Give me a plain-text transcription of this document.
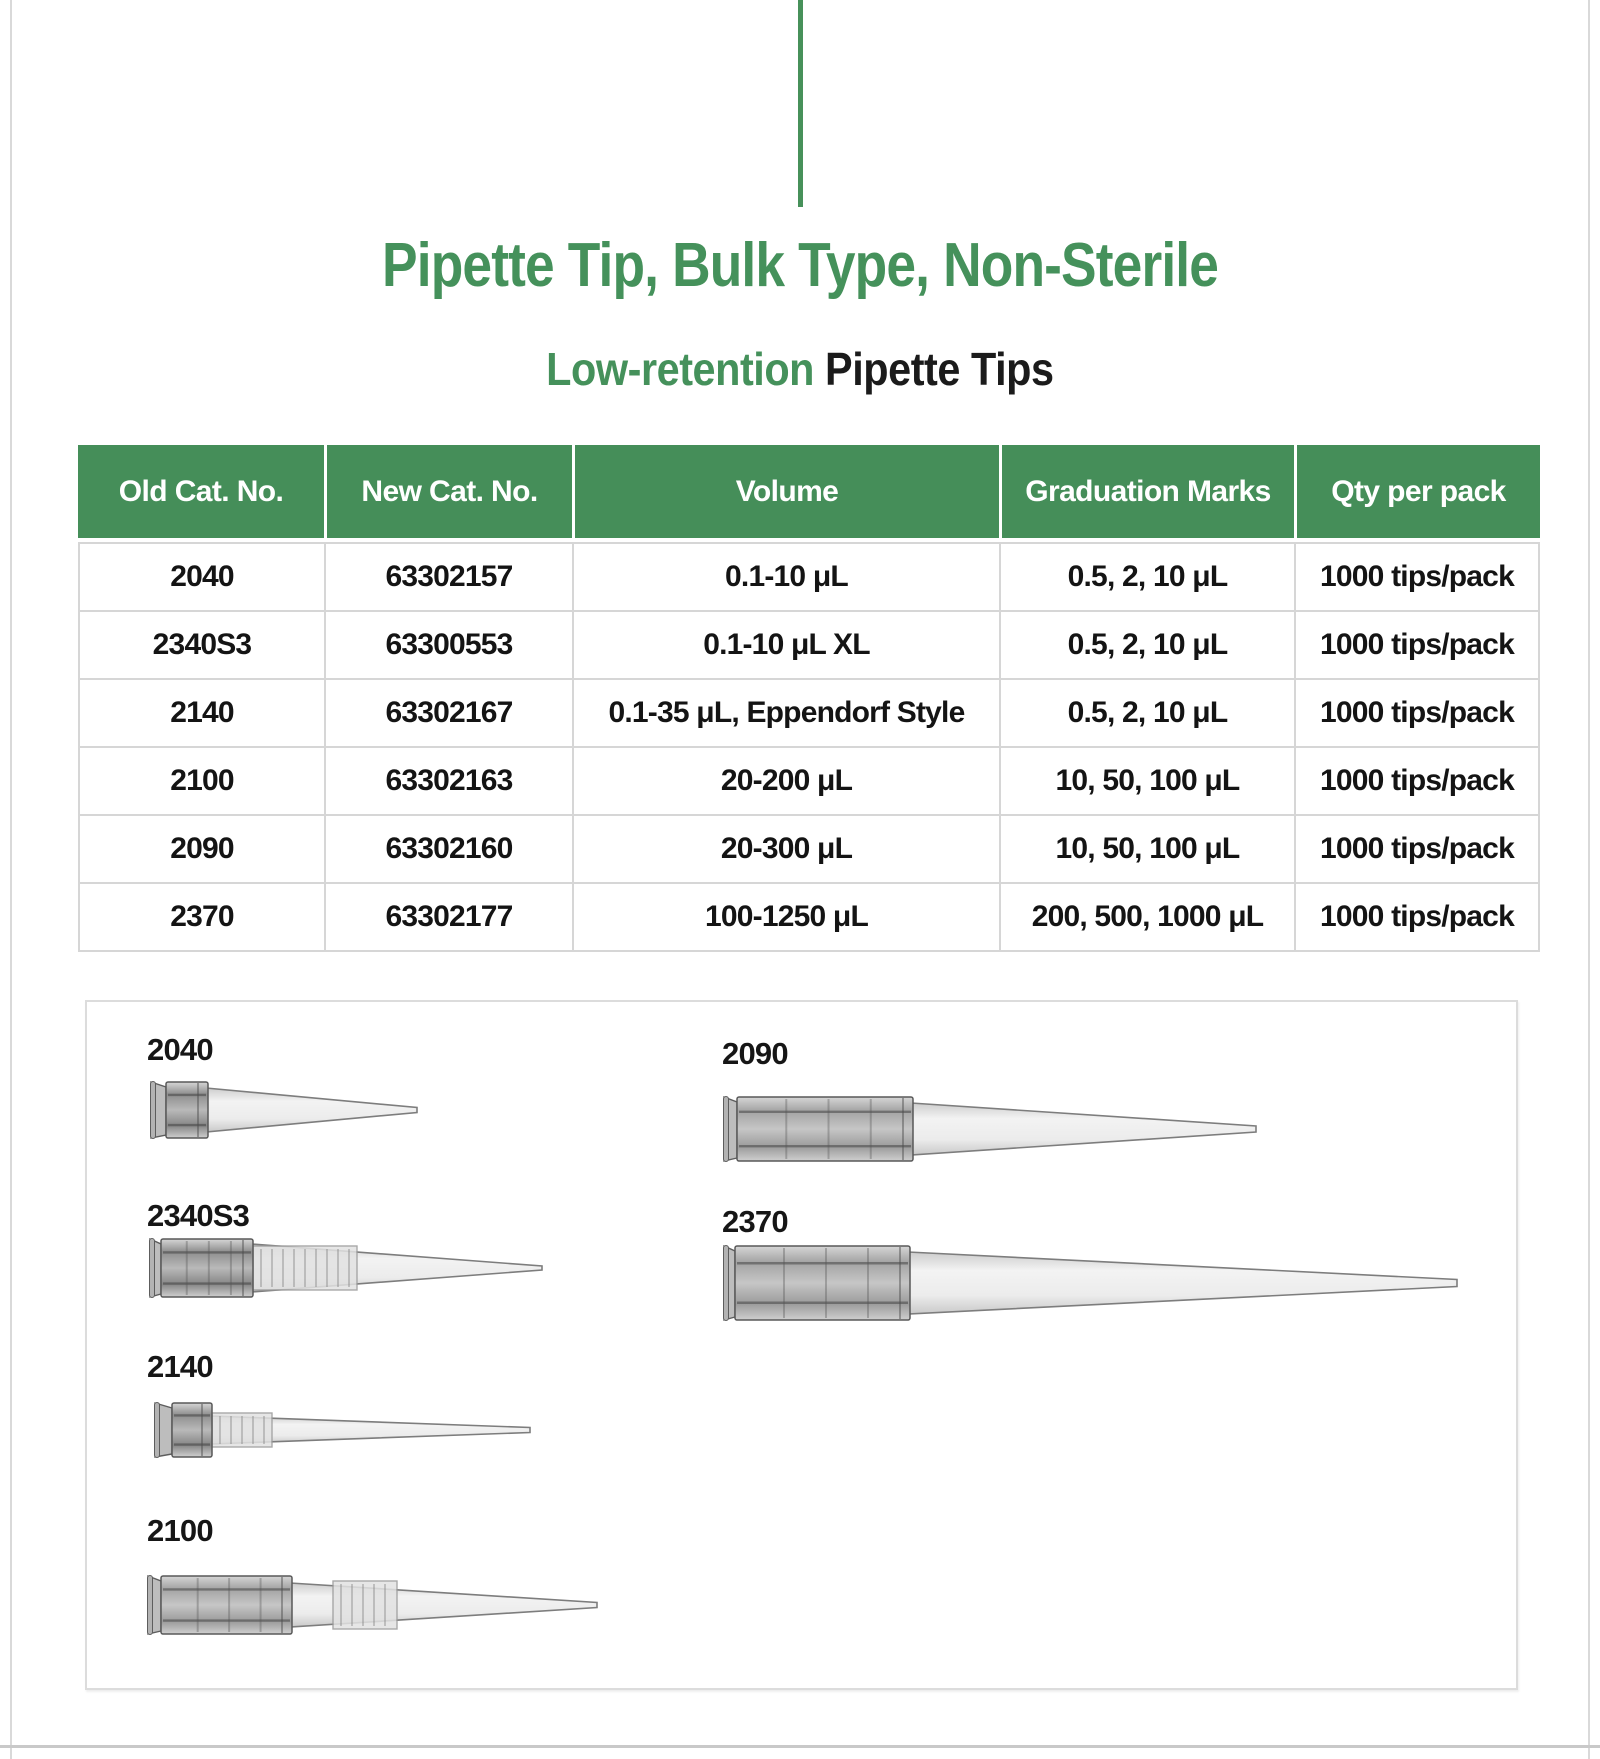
Pipette Tip, Bulk Type, Non-Sterile
Low-retention Pipette Tips
Old Cat. No.	New Cat. No.	Volume	Graduation Marks	Qty per pack
2040	63302157	0.1-10 μL	0.5, 2, 10 μL	1000 tips/pack
2340S3	63300553	0.1-10 μL XL	0.5, 2, 10 μL	1000 tips/pack
2140	63302167	0.1-35 μL, Eppendorf Style	0.5, 2, 10 μL	1000 tips/pack
2100	63302163	20-200 μL	10, 50, 100 μL	1000 tips/pack
2090	63302160	20-300 μL	10, 50, 100 μL	1000 tips/pack
2370	63302177	100-1250 μL	200, 500, 1000 μL	1000 tips/pack
2040
2340S3
2140
2100
2090
2370
